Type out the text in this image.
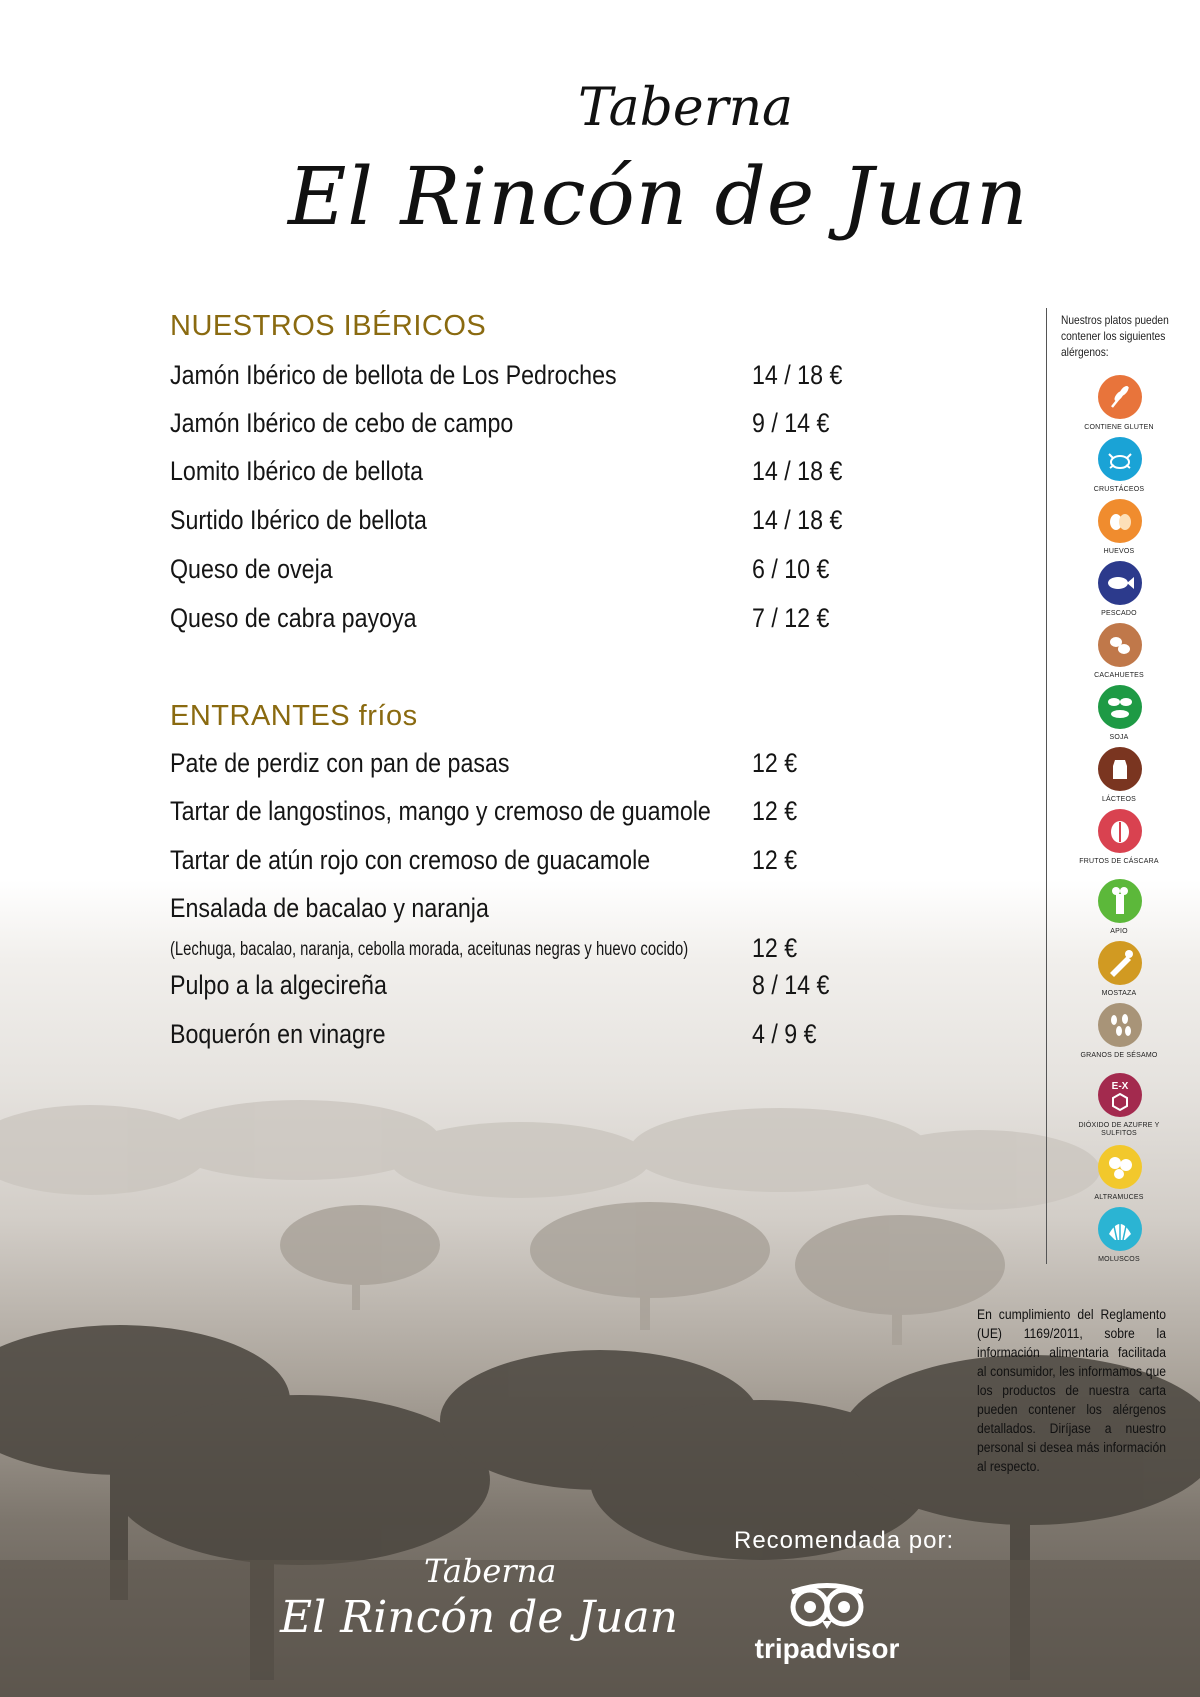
Taberna
El Rincón de Juan
NUESTROS IBÉRICOS
Jamón Ibérico de bellota de Los Pedroches	14 / 18 €
Jamón Ibérico de cebo de campo	9 / 14 €
Lomito Ibérico de bellota	14 / 18 €
Surtido Ibérico de bellota	14 / 18 €
Queso de oveja	6 / 10 €
Queso de cabra payoya	7 / 12 €
ENTRANTES fríos
Pate de perdiz con pan de pasas	12 €
Tartar de langostinos, mango y cremoso de guamole 12 €
Tartar de atún rojo con cremoso de guacamole	12 €
Ensalada de bacalao y naranja
(Lechuga, bacalao, naranja, cebolla morada, aceitunas negras y huevo cocido) 12 €
Pulpo a la algecireña	8 / 14 €
Boquerón en vinagre	4 / 9 €
Nuestros platos pueden contener los siguientes alérgenos:
CONTIENE GLUTEN
CRUSTÁCEOS
HUEVOS
PESCADO
CACAHUETES
SOJA
LÁCTEOS
FRUTOS DE CÁSCARA
APIO
MOSTAZA
GRANOS DE SÉSAMO
E-X
DIÓXIDO DE AZUFRE Y SULFITOS
ALTRAMUCES
MOLUSCOS
En cumplimiento del Reglamento (UE) 1169/2011, sobre la información alimentaria facilitada al consumidor, les informamos que los productos de nuestra carta pueden contener los alérgenos detallados. Diríjase a nuestro personal si desea más información al respecto.
Recomendada por:
tripadvisor
Taberna
El Rincón de Juan
